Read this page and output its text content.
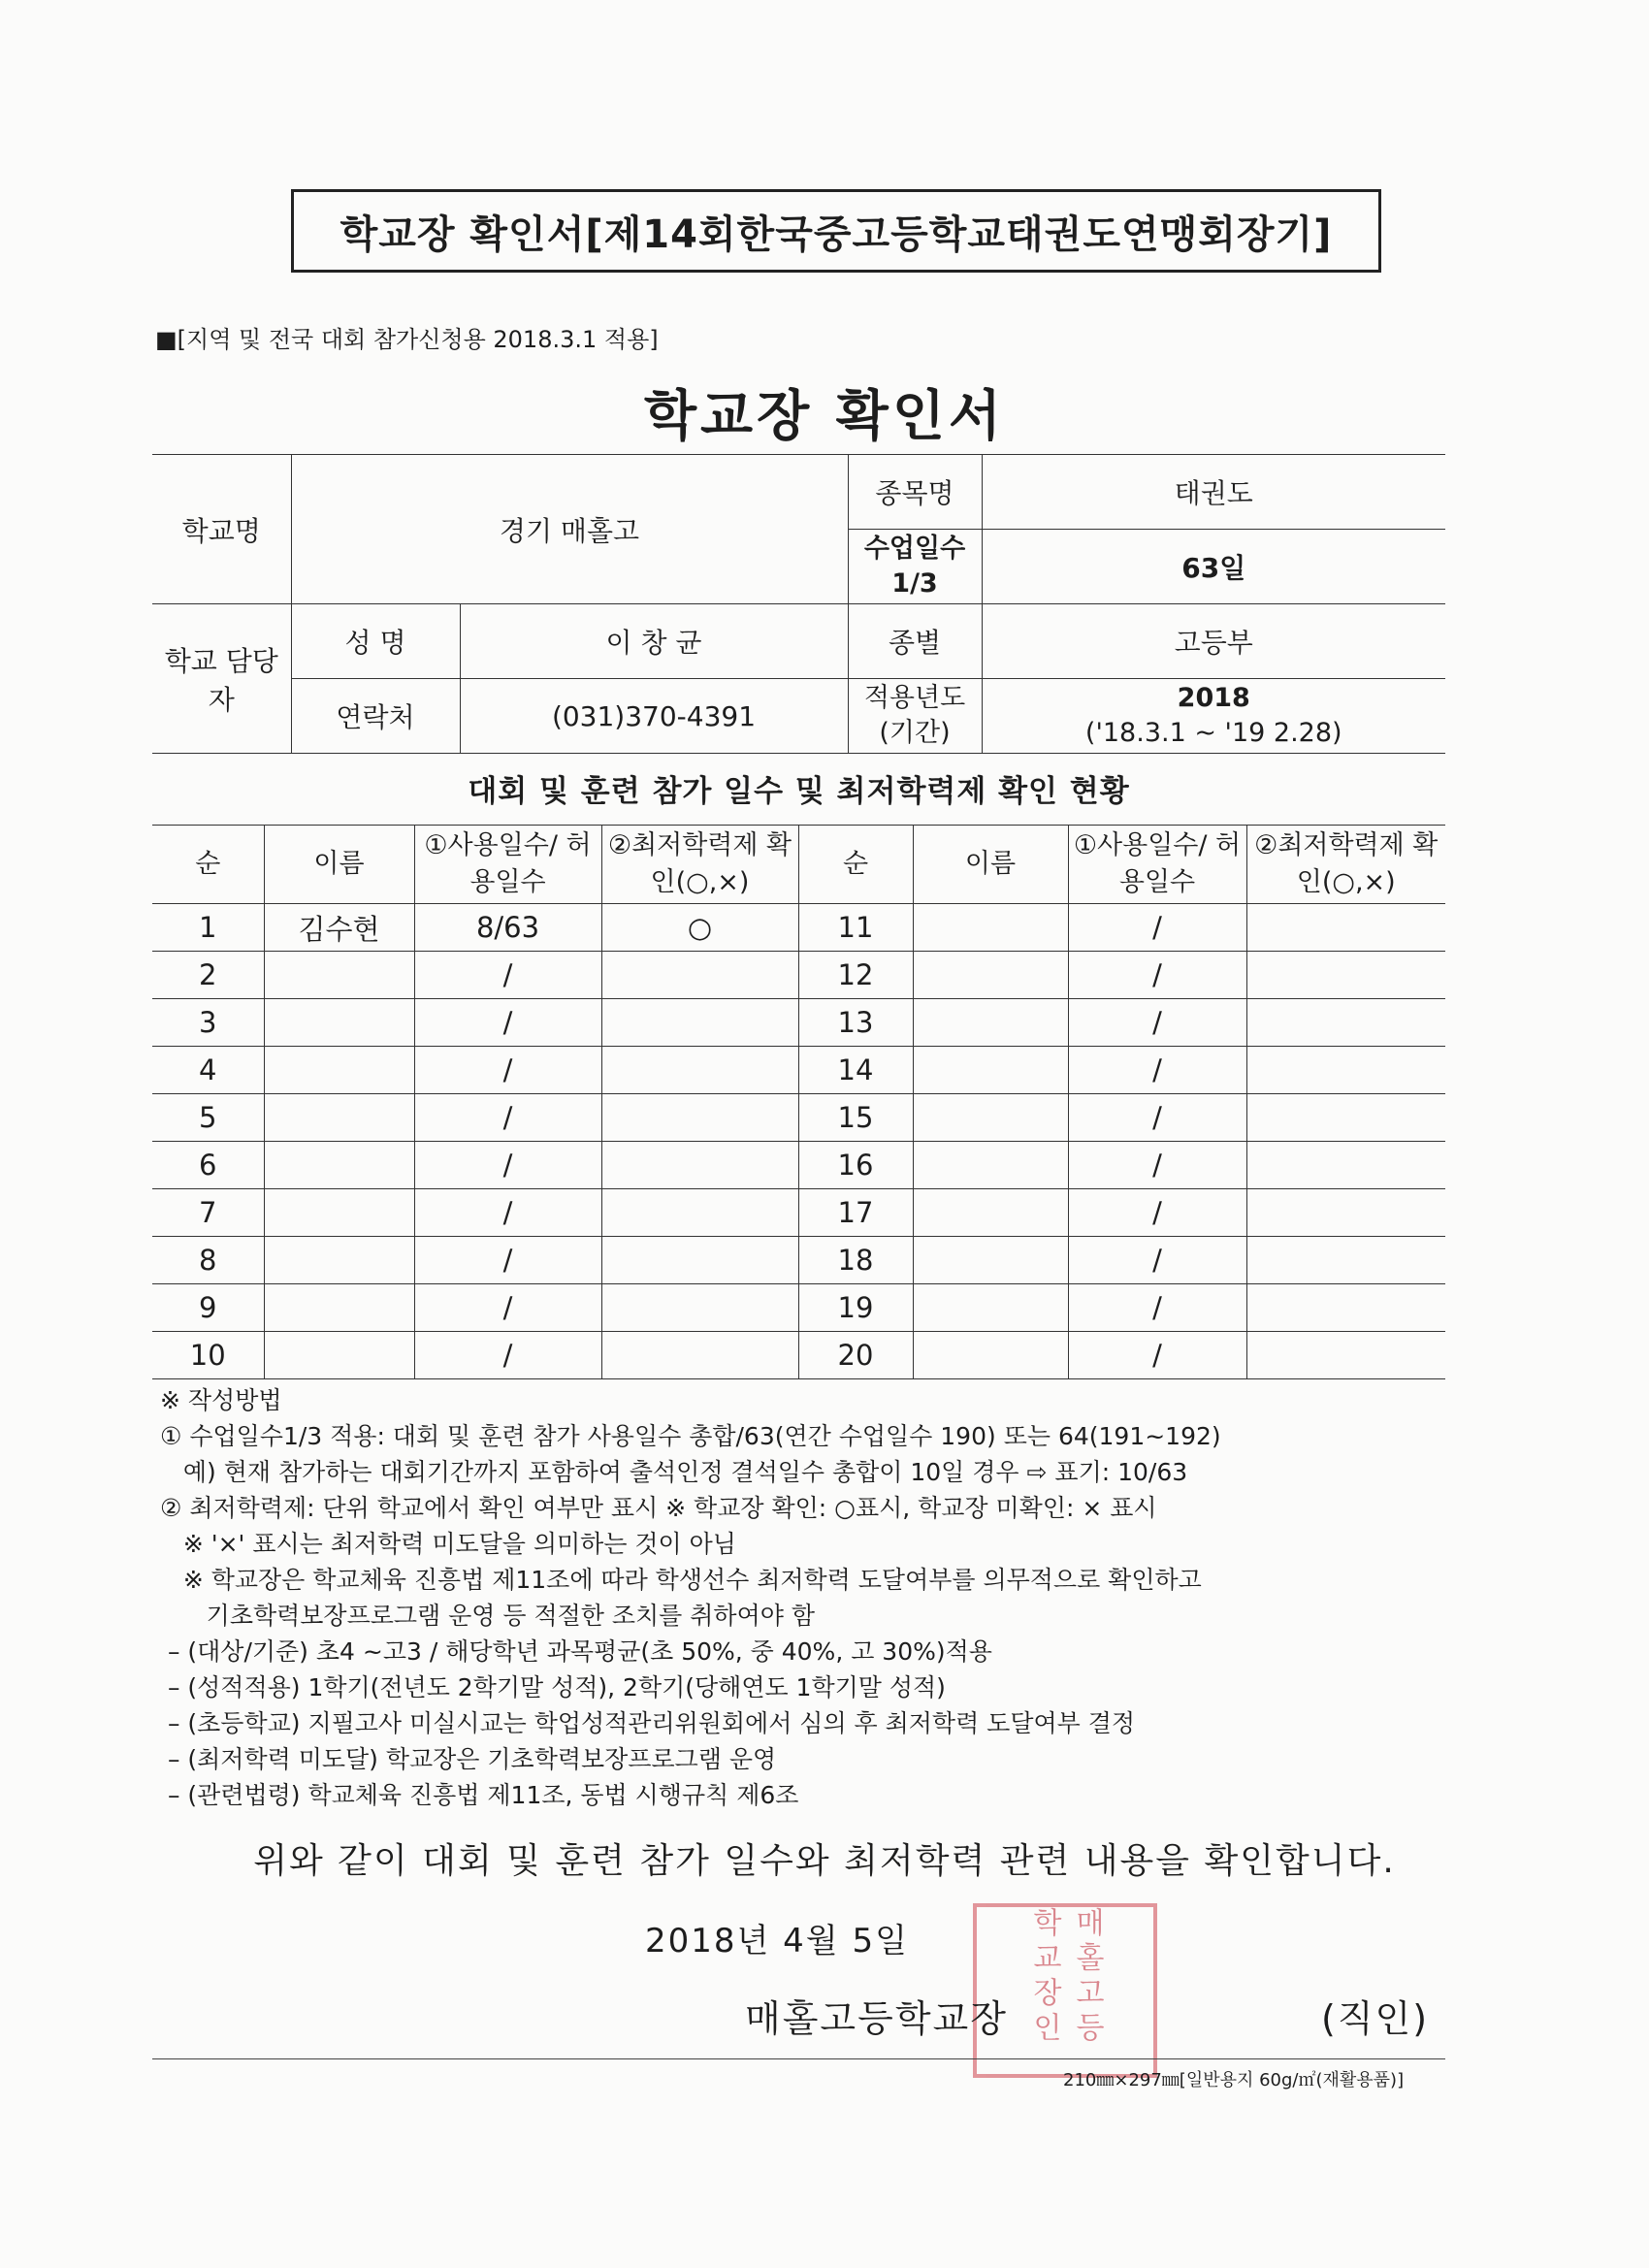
학교장 확인서[제14회한국중고등학교태권도연맹회장기]
■[지역 및 전국 대회 참가신청용 2018.3.1 적용]
학교장 확인서
학교명	경기 매홀고		종목명	태권도
			수업일수 1/3	63일
학교 담당자	성 명	이 창 균	종별	고등부
	연락처	(031)370-4391	적용년도 (기간)	2018
('18.3.1 ~ '19 2.28)
대회 및 훈련 참가 일수 및 최저학력제 확인 현황
순	이름	①사용일수/ 허용일수	②최저학력제 확인(○,×)	순	이름	①사용일수/ 허용일수	②최저학력제 확인(○,×)
1	김수현	8/63	○	11		/	
2		/		12		/	
3		/		13		/	
4		/		14		/	
5		/		15		/	
6		/		16		/	
7		/		17		/	
8		/		18		/	
9		/		19		/	
10		/		20		/	
※ 작성방법
① 수업일수1/3 적용: 대회 및 훈련 참가 사용일수 총합/63(연간 수업일수 190) 또는 64(191~192)
예) 현재 참가하는 대회기간까지 포함하여 출석인정 결석일수 총합이 10일 경우 ⇨ 표기: 10/63
② 최저학력제: 단위 학교에서 확인 여부만 표시 ※ 학교장 확인: ○표시, 학교장 미확인: × 표시
※ '×' 표시는 최저학력 미도달을 의미하는 것이 아님
※ 학교장은 학교체육 진흥법 제11조에 따라 학생선수 최저학력 도달여부를 의무적으로 확인하고
기초학력보장프로그램 운영 등 적절한 조치를 취하여야 함
– (대상/기준) 초4 ~고3 / 해당학년 과목평균(초 50%, 중 40%, 고 30%)적용
– (성적적용) 1학기(전년도 2학기말 성적), 2학기(당해연도 1학기말 성적)
– (초등학교) 지필고사 미실시교는 학업성적관리위원회에서 심의 후 최저학력 도달여부 결정
– (최저학력 미도달) 학교장은 기초학력보장프로그램 운영
– (관련법령) 학교체육 진흥법 제11조, 동법 시행규칙 제6조
위와 같이 대회 및 훈련 참가 일수와 최저학력 관련 내용을 확인합니다.
2018년 4월 5일	매홀고등학교장인
매홀고등학교장	(직인)
210㎜×297㎜[일반용지 60g/㎡(재활용품)]
